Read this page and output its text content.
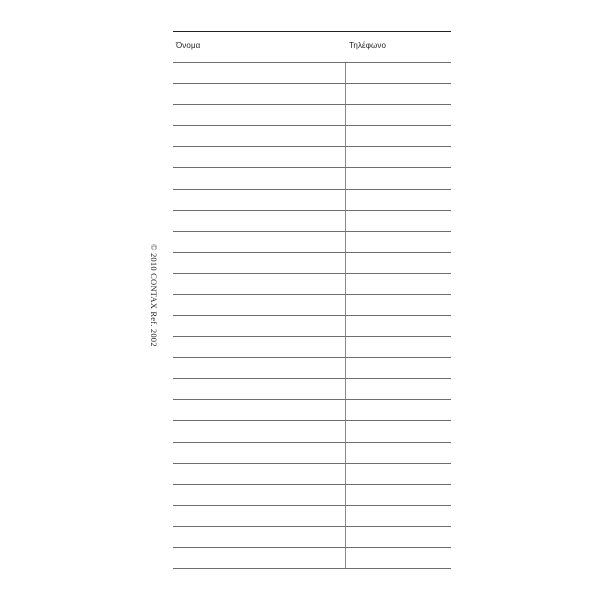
© 2010 CONTAX Ref. 2002
Όνομα	Τηλέφωνο
